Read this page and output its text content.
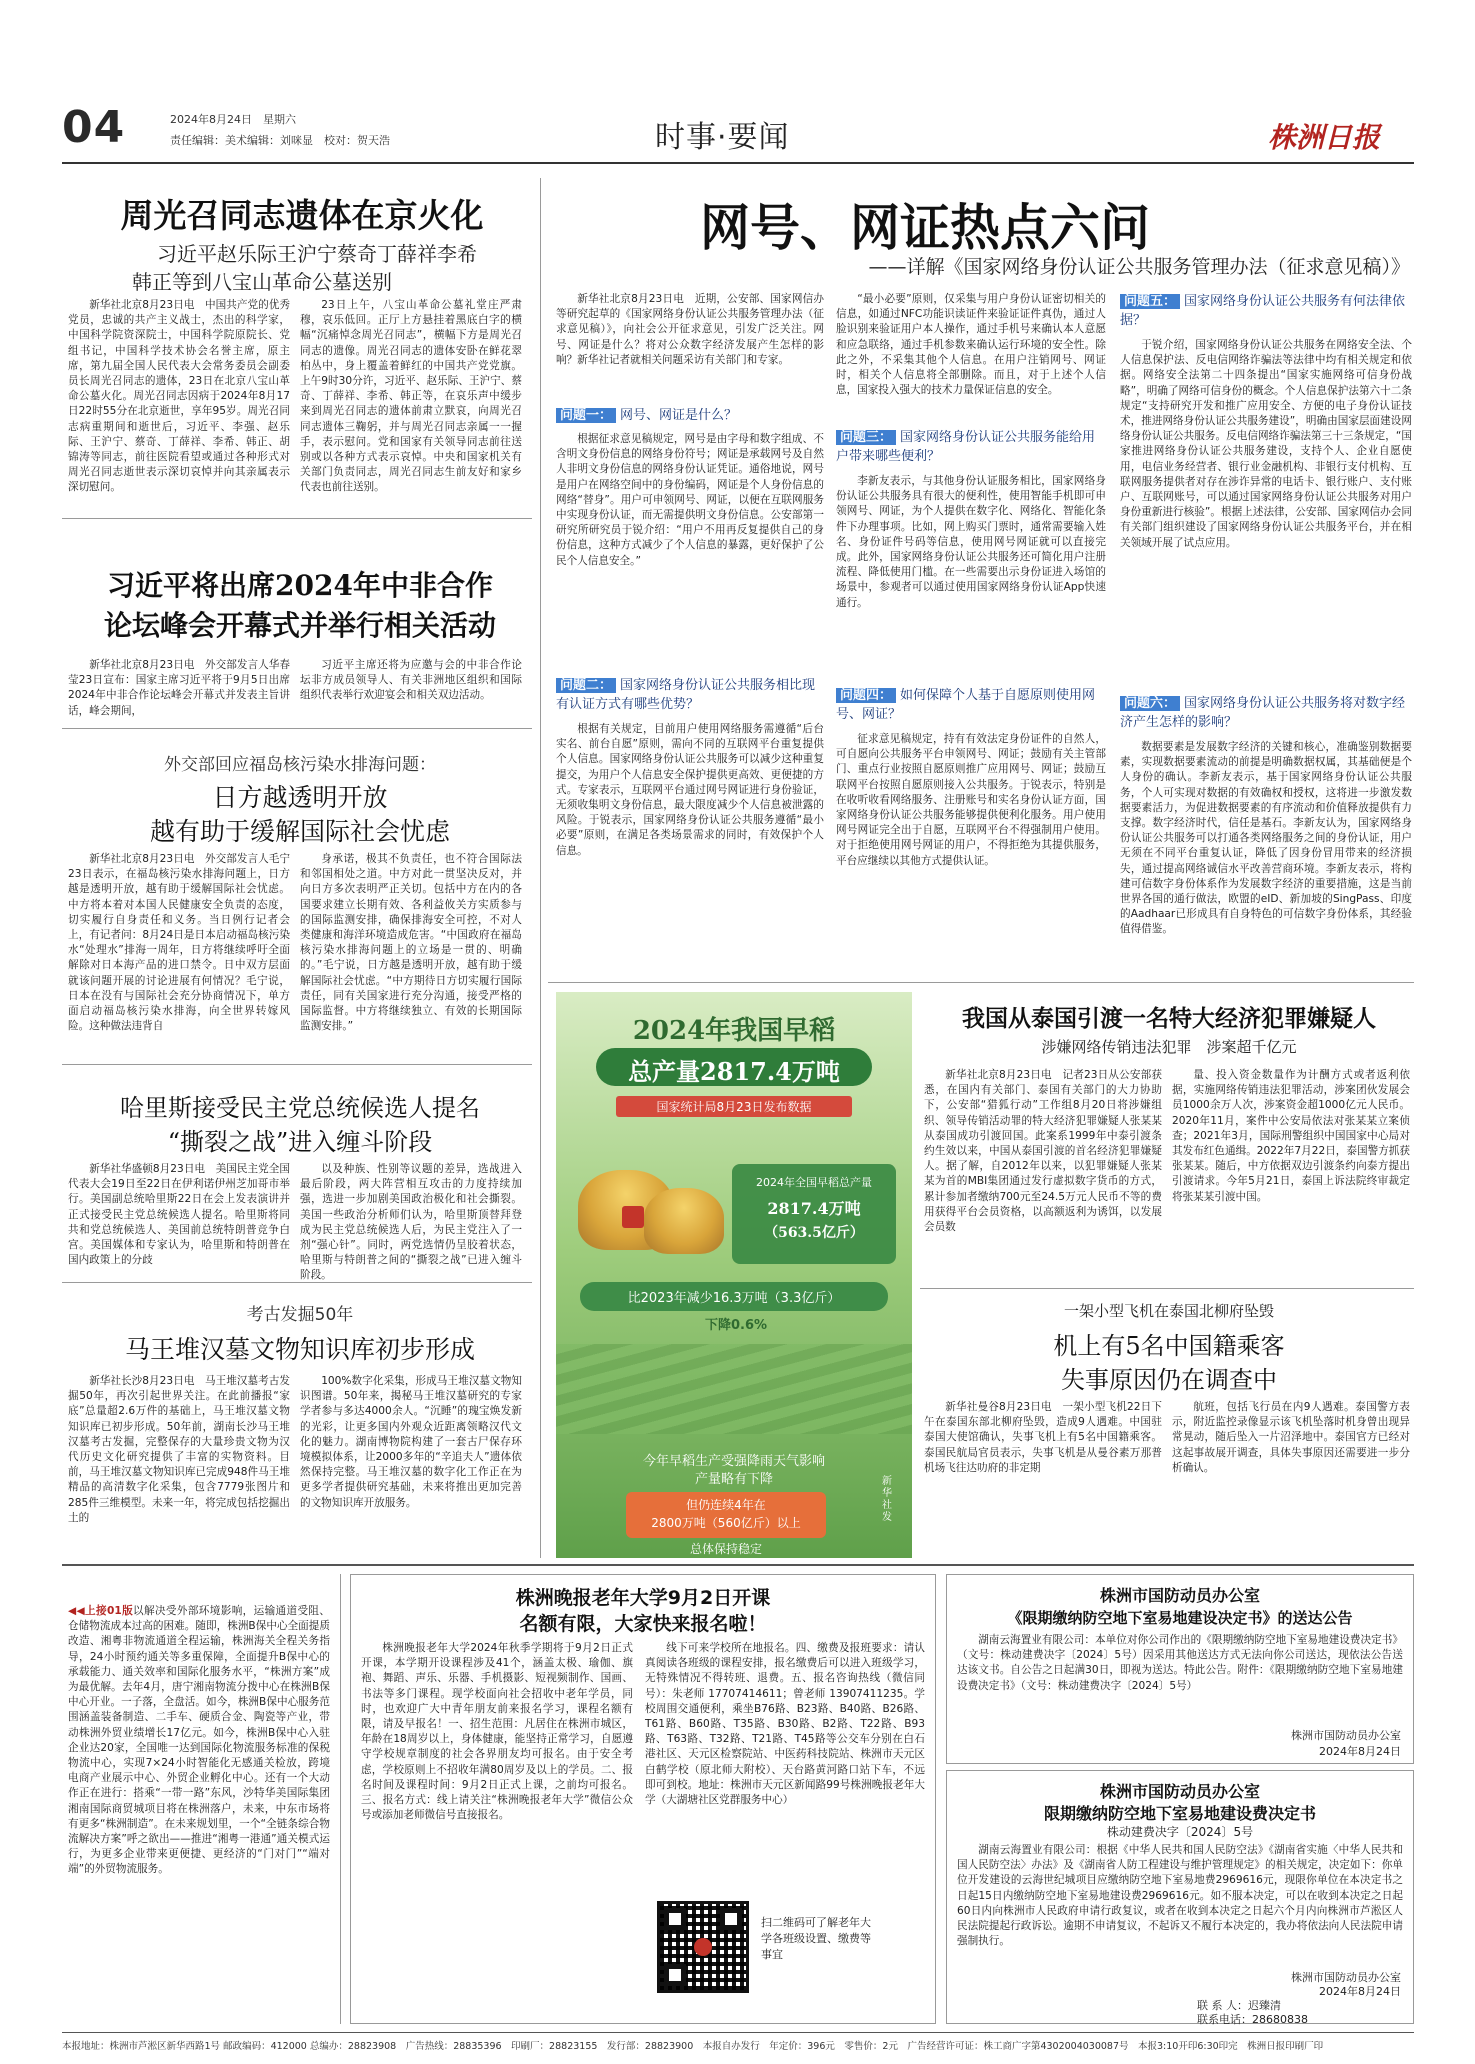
04	2024年8月24日　星期六
责任编辑：美术编辑：刘咪显　校对：贺天浩	时事·要闻	株洲日报
周光召同志遗体在京火化
习近平赵乐际王沪宁蔡奇丁薛祥李希
韩正等到八宝山革命公墓送别
新华社北京8月23日电　中国共产党的优秀党员，忠诚的共产主义战士，杰出的科学家，中国科学院资深院士，中国科学院原院长、党组书记，中国科学技术协会名誉主席，原主席，第九届全国人民代表大会常务委员会副委员长周光召同志的遗体，23日在北京八宝山革命公墓火化。周光召同志因病于2024年8月17日22时55分在北京逝世，享年95岁。周光召同志病重期间和逝世后，习近平、李强、赵乐际、王沪宁、蔡奇、丁薛祥、李希、韩正、胡锦涛等同志，前往医院看望或通过各种形式对周光召同志逝世表示深切哀悼并向其亲属表示深切慰问。
23日上午，八宝山革命公墓礼堂庄严肃穆，哀乐低回。正厅上方悬挂着黑底白字的横幅“沉痛悼念周光召同志”，横幅下方是周光召同志的遗像。周光召同志的遗体安卧在鲜花翠柏丛中，身上覆盖着鲜红的中国共产党党旗。上午9时30分许，习近平、赵乐际、王沪宁、蔡奇、丁薛祥、李希、韩正等，在哀乐声中缓步来到周光召同志的遗体前肃立默哀，向周光召同志遗体三鞠躬，并与周光召同志亲属一一握手，表示慰问。党和国家有关领导同志前往送别或以各种方式表示哀悼。中央和国家机关有关部门负责同志，周光召同志生前友好和家乡代表也前往送别。
习近平将出席2024年中非合作
论坛峰会开幕式并举行相关活动
新华社北京8月23日电　外交部发言人华春莹23日宣布：国家主席习近平将于9月5日出席2024年中非合作论坛峰会开幕式并发表主旨讲话，峰会期间，
习近平主席还将为应邀与会的中非合作论坛非方成员领导人、有关非洲地区组织和国际组织代表举行欢迎宴会和相关双边活动。
外交部回应福岛核污染水排海问题：
日方越透明开放
越有助于缓解国际社会忧虑
新华社北京8月23日电　外交部发言人毛宁23日表示，在福岛核污染水排海问题上，日方越是透明开放，越有助于缓解国际社会忧虑。中方将本着对本国人民健康安全负责的态度，切实履行自身责任和义务。当日例行记者会上，有记者问：8月24日是日本启动福岛核污染水“处理水”排海一周年，日方将继续呼吁全面解除对日本海产品的进口禁令。日中双方层面就该问题开展的讨论进展有何情况？毛宁说，日本在没有与国际社会充分协商情况下，单方面启动福岛核污染水排海，向全世界转嫁风险。这种做法违背自
身承诺，极其不负责任，也不符合国际法和邻国相处之道。中方对此一贯坚决反对，并向日方多次表明严正关切。包括中方在内的各国要求建立长期有效、各利益攸关方实质参与的国际监测安排，确保排海安全可控，不对人类健康和海洋环境造成危害。“中国政府在福岛核污染水排海问题上的立场是一贯的、明确的。”毛宁说，日方越是透明开放，越有助于缓解国际社会忧虑。“中方期待日方切实履行国际责任，同有关国家进行充分沟通，接受严格的国际监督。中方将继续独立、有效的长期国际监测安排。”
哈里斯接受民主党总统候选人提名
“撕裂之战”进入缠斗阶段
新华社华盛顿8月23日电　美国民主党全国代表大会19日至22日在伊利诺伊州芝加哥市举行。美国副总统哈里斯22日在会上发表演讲并正式接受民主党总统候选人提名。哈里斯将同共和党总统候选人、美国前总统特朗普竞争白宫。美国媒体和专家认为，哈里斯和特朗普在国内政策上的分歧
以及种族、性别等议题的差异，选战进入最后阶段，两大阵营相互攻击的力度持续加强，选进一步加剧美国政治极化和社会撕裂。美国一些政治分析师们认为，哈里斯顶替拜登成为民主党总统候选人后，为民主党注入了一剂“强心针”。同时，两党选情仍呈胶着状态，哈里斯与特朗普之间的“撕裂之战”已进入缠斗阶段。
考古发掘50年
马王堆汉墓文物知识库初步形成
新华社长沙8月23日电　马王堆汉墓考古发掘50年，再次引起世界关注。在此前播报“家底”总量超2.6万件的基础上，马王堆汉墓文物知识库已初步形成。50年前，湖南长沙马王堆汉墓考古发掘，完整保存的大量珍贵文物为汉代历史文化研究提供了丰富的实物资料。目前，马王堆汉墓文物知识库已完成948件马王堆精品的高清数字化采集，包含7779张图片和285件三维模型。未来一年，将完成包括挖掘出土的
100%数字化采集，形成马王堆汉墓文物知识图谱。50年来，揭秘马王堆汉墓研究的专家学者参与多达4000余人。“沉睡”的瑰宝焕发新的光彩，让更多国内外观众近距离领略汉代文化的魅力。湖南博物院构建了一套古尸保存环境模拟体系，让2000多年的“辛追夫人”遗体依然保持完整。马王堆汉墓的数字化工作正在为更多学者提供研究基础，未来将推出更加完善的文物知识库开放服务。
网号、网证热点六问
——详解《国家网络身份认证公共服务管理办法（征求意见稿）》
新华社北京8月23日电　近期，公安部、国家网信办等研究起草的《国家网络身份认证公共服务管理办法（征求意见稿）》，向社会公开征求意见，引发广泛关注。网号、网证是什么？将对公众数字经济发展产生怎样的影响？新华社记者就相关问题采访有关部门和专家。
问题一： 网号、网证是什么？
根据征求意见稿规定，网号是由字母和数字组成、不含明文身份信息的网络身份符号；网证是承载网号及自然人非明文身份信息的网络身份认证凭证。通俗地说，网号是用户在网络空间中的身份编码，网证是个人身份信息的网络“替身”。用户可申领网号、网证，以便在互联网服务中实现身份认证，而无需提供明文身份信息。公安部第一研究所研究员于锐介绍：“用户不用再反复提供自己的身份信息，这种方式减少了个人信息的暴露，更好保护了公民个人信息安全。”
问题二： 国家网络身份认证公共服务相比现有认证方式有哪些优势？
根据有关规定，目前用户使用网络服务需遵循“后台实名、前台自愿”原则，需向不同的互联网平台重复提供个人信息。国家网络身份认证公共服务可以减少这种重复提交，为用户个人信息安全保护提供更高效、更便捷的方式。专家表示，互联网平台通过网号网证进行身份验证，无须收集明文身份信息，最大限度减少个人信息被泄露的风险。于锐表示，国家网络身份认证公共服务遵循“最小必要”原则，在满足各类场景需求的同时，有效保护个人信息。
“最小必要”原则，仅采集与用户身份认证密切相关的信息，如通过NFC功能识读证件来验证证件真伪，通过人脸识别来验证用户本人操作，通过手机号来确认本人意愿和应急联络，通过手机参数来确认运行环境的安全性。除此之外，不采集其他个人信息。在用户注销网号、网证时，相关个人信息将全部删除。而且，对于上述个人信息，国家投入强大的技术力量保证信息的安全。
问题三： 国家网络身份认证公共服务能给用户带来哪些便利？
李新友表示，与其他身份认证服务相比，国家网络身份认证公共服务具有很大的便利性，使用智能手机即可申领网号、网证，为个人提供在数字化、网络化、智能化条件下办理事项。比如，网上购买门票时，通常需要输入姓名、身份证件号码等信息，使用网号网证就可以直接完成。此外，国家网络身份认证公共服务还可简化用户注册流程、降低使用门槛。在一些需要出示身份证进入场馆的场景中，参观者可以通过使用国家网络身份认证App快速通行。
问题四： 如何保障个人基于自愿原则使用网号、网证？
征求意见稿规定，持有有效法定身份证件的自然人，可自愿向公共服务平台申领网号、网证；鼓励有关主管部门、重点行业按照自愿原则推广应用网号、网证；鼓励互联网平台按照自愿原则接入公共服务。于锐表示，特别是在收听收看网络服务、注册账号和实名身份认证方面，国家网络身份认证公共服务能够提供便利化服务。用户使用网号网证完全出于自愿，互联网平台不得强制用户使用。对于拒绝使用网号网证的用户，不得拒绝为其提供服务，平台应继续以其他方式提供认证。
问题五： 国家网络身份认证公共服务有何法律依据？
于锐介绍，国家网络身份认证公共服务在网络安全法、个人信息保护法、反电信网络诈骗法等法律中均有相关规定和依据。网络安全法第二十四条提出“国家实施网络可信身份战略”，明确了网络可信身份的概念。个人信息保护法第六十二条规定“支持研究开发和推广应用安全、方便的电子身份认证技术，推进网络身份认证公共服务建设”，明确由国家层面建设网络身份认证公共服务。反电信网络诈骗法第三十三条规定，“国家推进网络身份认证公共服务建设，支持个人、企业自愿使用，电信业务经营者、银行业金融机构、非银行支付机构、互联网服务提供者对存在涉诈异常的电话卡、银行账户、支付账户、互联网账号，可以通过国家网络身份认证公共服务对用户身份重新进行核验”。根据上述法律，公安部、国家网信办会同有关部门组织建设了国家网络身份认证公共服务平台，并在相关领域开展了试点应用。
问题六： 国家网络身份认证公共服务将对数字经济产生怎样的影响？
数据要素是发展数字经济的关键和核心，准确鉴别数据要素，实现数据要素流动的前提是明确数据权属，其基础便是个人身份的确认。李新友表示，基于国家网络身份认证公共服务，个人可实现对数据的有效确权和授权，这将进一步激发数据要素活力，为促进数据要素的有序流动和价值释放提供有力支撑。数字经济时代，信任是基石。李新友认为，国家网络身份认证公共服务可以打通各类网络服务之间的身份认证，用户无须在不同平台重复认证，降低了因身份冒用带来的经济损失，通过提高网络诚信水平改善营商环境。李新友表示，将构建可信数字身份体系作为发展数字经济的重要措施，这是当前世界各国的通行做法，欧盟的eID、新加坡的SingPass、印度的Aadhaar已形成具有自身特色的可信数字身份体系，其经验值得借鉴。
2024年我国早稻
总产量2817.4万吨
国家统计局8月23日发布数据
2024年全国早稻总产量
2817.4万吨
（563.5亿斤）
比2023年减少16.3万吨（3.3亿斤）
下降0.6%
今年早稻生产受强降雨天气影响
产量略有下降
但仍连续4年在
2800万吨（560亿斤）以上
总体保持稳定
新华社发
我国从泰国引渡一名特大经济犯罪嫌疑人
涉嫌网络传销违法犯罪　涉案超千亿元
新华社北京8月23日电　记者23日从公安部获悉，在国内有关部门、泰国有关部门的大力协助下，公安部“猎狐行动”工作组8月20日将涉嫌组织、领导传销活动罪的特大经济犯罪嫌疑人张某某从泰国成功引渡回国。此案系1999年中泰引渡条约生效以来，中国从泰国引渡的首名经济犯罪嫌疑人。据了解，自2012年以来，以犯罪嫌疑人张某某为首的MBI集团通过发行虚拟数字货币的方式，累计参加者缴纳700元至24.5万元人民币不等的费用获得平台会员资格，以高额返利为诱饵，以发展会员数
量、投入资金数量作为计酬方式或者返利依据，实施网络传销违法犯罪活动，涉案团伙发展会员1000余万人次，涉案资金超1000亿元人民币。2020年11月，案件中公安局依法对张某某立案侦查；2021年3月，国际刑警组织中国国家中心局对其发布红色通缉。2022年7月22日，泰国警方抓获张某某。随后，中方依据双边引渡条约向泰方提出引渡请求。今年5月21日，泰国上诉法院终审裁定将张某某引渡中国。
一架小型飞机在泰国北柳府坠毁
机上有5名中国籍乘客
失事原因仍在调查中
新华社曼谷8月23日电　一架小型飞机22日下午在泰国东部北柳府坠毁，造成9人遇难。中国驻泰国大使馆确认，失事飞机上有5名中国籍乘客。泰国民航局官员表示，失事飞机是从曼谷素万那普机场飞往达叻府的非定期
航班，包括飞行员在内9人遇难。泰国警方表示，附近监控录像显示该飞机坠落时机身曾出现异常晃动，随后坠入一片沼泽地中。泰国官方已经对这起事故展开调查，具体失事原因还需要进一步分析确认。
◀◀上接01版以解决受外部环境影响，运输通道受阻、仓储物流成本过高的困难。随即，株洲B保中心全面提质改造、湘粤非物流通道全程运输，株洲海关全程关务指导，24小时预约通关等多重保障，全面提升B保中心的承载能力、通关效率和国际化服务水平，“株洲方案”成为最优解。去年4月，唐宁湘南物流分拨中心在株洲B保中心开业。一子落，全盘活。如今，株洲B保中心服务范围涵盖装备制造、二手车、硬质合金、陶瓷等产业，带动株洲外贸业绩增长17亿元。如今，株洲B保中心入驻企业达20家，全国唯一达到国际化物流服务标准的保税物流中心，实现7×24小时智能化无感通关检放，跨境电商产业展示中心、外贸企业孵化中心。还有一个大动作正在进行：搭乘“一带一路”东风，沙特华美国际集团湘南国际商贸城项目将在株洲落户，未来，中东市场将有更多“株洲制造”。在未来规划里，一个“全链条综合物流解决方案”呼之欲出——推进“湘粤一港通”通关模式运行，为更多企业带来更便捷、更经济的“门对门”“端对端”的外贸物流服务。
株洲晚报老年大学9月2日开课
名额有限，大家快来报名啦！
株洲晚报老年大学2024年秋季学期将于9月2日正式开课，本学期开设课程涉及41个，涵盖太极、瑜伽、旗袍、舞蹈、声乐、乐器、手机摄影、短视频制作、国画、书法等多门课程。现学校面向社会招收中老年学员，同时，也欢迎广大中青年朋友前来报名学习，课程名额有限，请及早报名！一、招生范围：凡居住在株洲市城区，年龄在18周岁以上，身体健康，能坚持正常学习，自愿遵守学校规章制度的社会各界朋友均可报名。由于安全考虑，学校原则上不招收年满80周岁及以上的学员。二、报名时间及课程时间：9月2日正式上课，之前均可报名。三、报名方式：线上请关注“株洲晚报老年大学”微信公众号或添加老师微信号直接报名。
线下可来学校所在地报名。四、缴费及报班要求：请认真阅读各班级的课程安排，报名缴费后可以进入班级学习，无特殊情况不得转班、退费。五、报名咨询热线（微信同号）：朱老师 17707414611；曾老师 13907411235。学校周围交通便利，乘坐B76路、B23路、B40路、B26路、T61路、B60路、T35路、B30路、B2路、T22路、B93路、T63路、T32路、T21路、T45路等公交车分别在白石港社区、天元区检察院站、中医药科技院站、株洲市天元区白鹤学校（原北师大附校）、天台路黄河路口站下车，不远即可到校。地址：株洲市天元区新闻路99号株洲晚报老年大学（大湖塘社区党群服务中心）
扫二维码可了解老年大学各班级设置、缴费等事宜
株洲市国防动员办公室
《限期缴纳防空地下室易地建设决定书》的送达公告
湖南云海置业有限公司：本单位对你公司作出的《限期缴纳防空地下室易地建设费决定书》（文号：株动建费决字〔2024〕5号）因采用其他送达方式无法向你公司送达，现依法公告送达该文书。自公告之日起满30日，即视为送达。特此公告。附件：《限期缴纳防空地下室易地建设费决定书》（文号：株动建费决字〔2024〕5号）
株洲市国防动员办公室
2024年8月24日
株洲市国防动员办公室
限期缴纳防空地下室易地建设费决定书
株动建费决字〔2024〕5号
湖南云海置业有限公司：根据《中华人民共和国人民防空法》《湖南省实施〈中华人民共和国人民防空法〉办法》及《湖南省人防工程建设与维护管理规定》的相关规定，决定如下：你单位开发建设的云海世纪城项目应缴纳防空地下室易地费2969616元，现限你单位在本决定书之日起15日内缴纳防空地下室易地建设费2969616元。如不服本决定，可以在收到本决定之日起60日内向株洲市人民政府申请行政复议，或者在收到本决定之日起六个月内向株洲市芦淞区人民法院提起行政诉讼。逾期不申请复议，不起诉又不履行本决定的，我办将依法向人民法院申请强制执行。
株洲市国防动员办公室
2024年8月24日
联 系 人：迟臻清
联系电话：28680838
本报地址：株洲市芦淞区新华西路1号 邮政编码：412000 总编办：28823908　广告热线：28835396　印刷厂：28823155　发行部：28823900　本报自办发行　年定价：396元　零售价：2元　广告经营许可证：株工商广字第4302004030087号　本报3:10开印6:30印完　株洲日报印刷厂印
